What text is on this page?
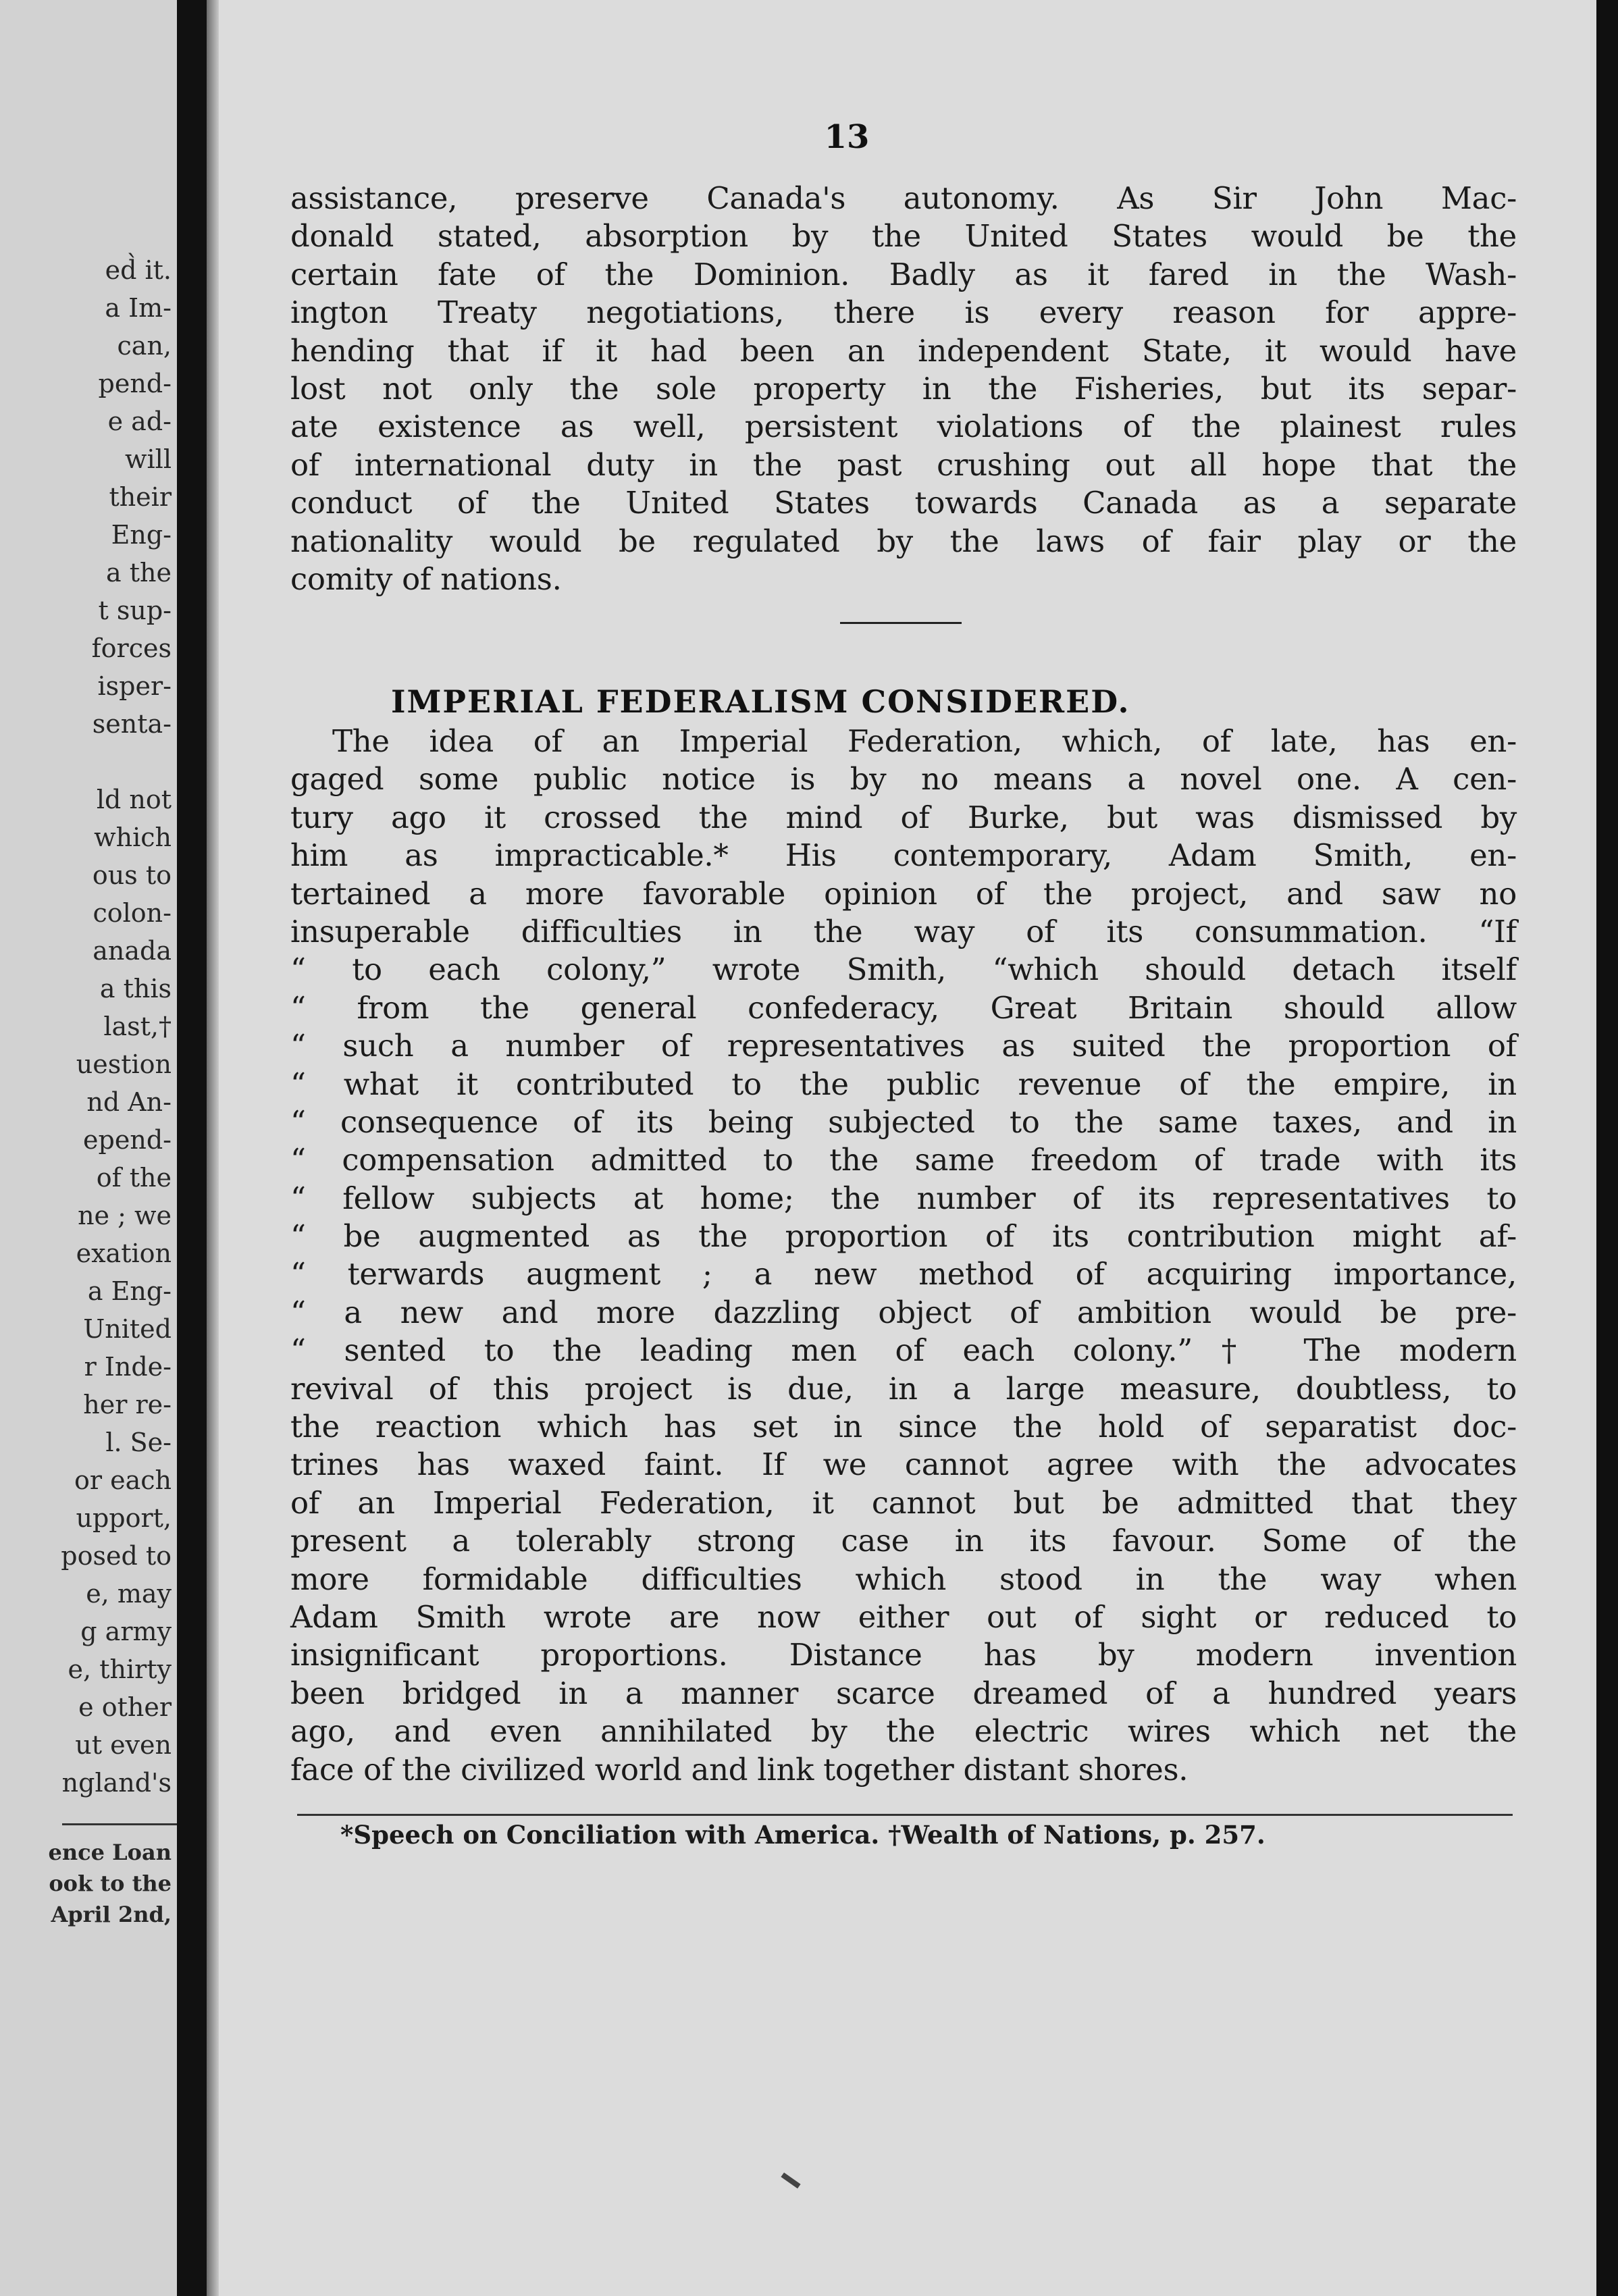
ed̀ it.

a Im-

can,

pend-

e ad-

will

their

Eng-

a the

t sup-

forces

isper-

senta-

ld not

which

ous to

colon-

anada

a this

last,†

uestion

nd An-

epend-

of the

ne ; we

exation

a Eng-

United

r Inde-

her re-

l. Se-

or each

upport,

posed to

e, may

g army

e, thirty

e other

ut even

ngland's

ence Loan

ook to the

April 2nd,

13

assistance, preserve Canada's autonomy. As Sir John Mac-

donald stated, absorption by the United States would be the

certain fate of the Dominion. Badly as it fared in the Wash-

ington Treaty negotiations, there is every reason for appre-

hending that if it had been an independent State, it would have

lost not only the sole property in the Fisheries, but its separ-

ate existence as well, persistent violations of the plainest rules

of international duty in the past crushing out all hope that the

conduct of the United States towards Canada as a separate

nationality would be regulated by the laws of fair play or the

comity of nations.

IMPERIAL FEDERALISM CONSIDERED.

The idea of an Imperial Federation, which, of late, has en-

gaged some public notice is by no means a novel one. A cen-

tury ago it crossed the mind of Burke, but was dismissed by

him as impracticable.* His contemporary, Adam Smith, en-

tertained a more favorable opinion of the project, and saw no

insuperable difficulties in the way of its consummation. “If

“ to each colony,” wrote Smith, “which should detach itself

“ from the general confederacy, Great Britain should allow

“ such a number of representatives as suited the proportion of

“ what it contributed to the public revenue of the empire, in

“ consequence of its being subjected to the same taxes, and in

“ compensation admitted to the same freedom of trade with its

“ fellow subjects at home; the number of its representatives to

“ be augmented as the proportion of its contribution might af-

“ terwards augment ; a new method of acquiring importance,

“ a new and more dazzling object of ambition would be pre-

“ sented to the leading men of each colony.”† The modern

revival of this project is due, in a large measure, doubtless, to

the reaction which has set in since the hold of separatist doc-

trines has waxed faint. If we cannot agree with the advocates

of an Imperial Federation, it cannot but be admitted that they

present a tolerably strong case in its favour. Some of the

more formidable difficulties which stood in the way when

Adam Smith wrote are now either out of sight or reduced to

insignificant proportions. Distance has by modern invention

been bridged in a manner scarce dreamed of a hundred years

ago, and even annihilated by the electric wires which net the

face of the civilized world and link together distant shores.

*Speech on Conciliation with America. †Wealth of Nations, p. 257.
